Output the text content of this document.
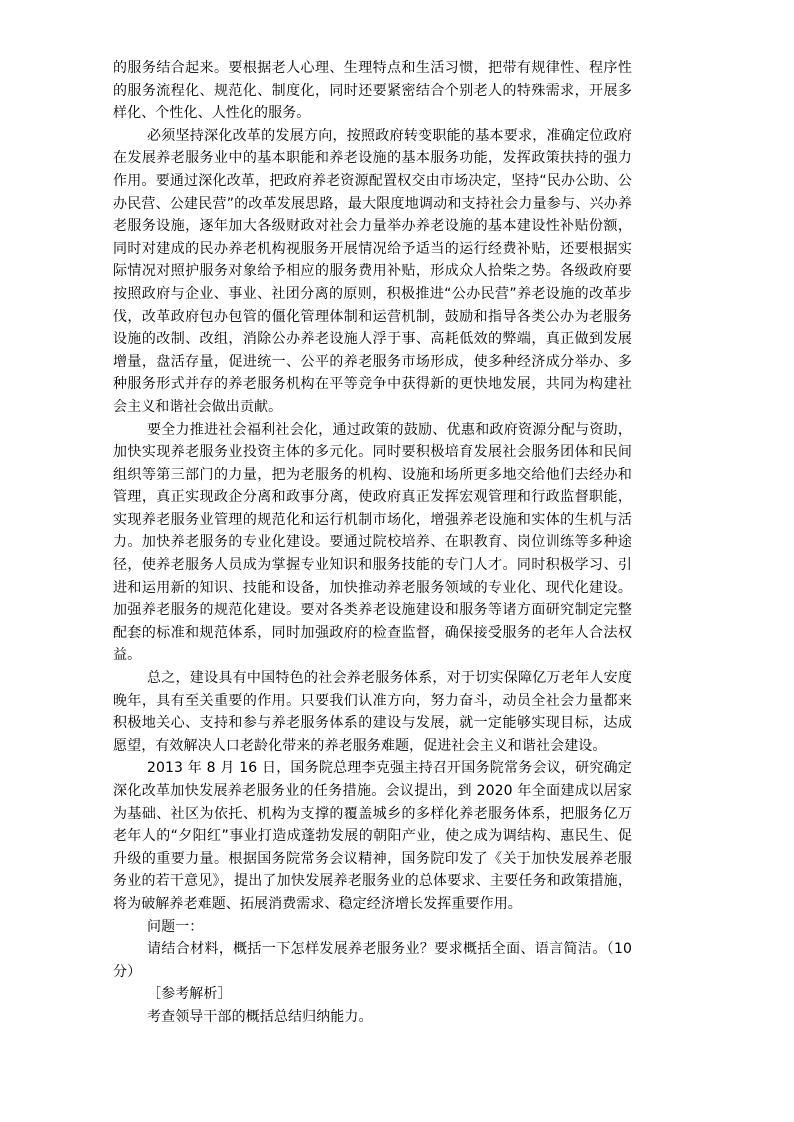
的服务结合起来。要根据老人心理、生理特点和生活习惯，把带有规律性、程序性的服务流程化、规范化、制度化，同时还要紧密结合个别老人的特殊需求，开展多样化、个性化、人性化的服务。

必须坚持深化改革的发展方向，按照政府转变职能的基本要求，准确定位政府在发展养老服务业中的基本职能和养老设施的基本服务功能，发挥政策扶持的强力作用。要通过深化改革，把政府养老资源配置权交由市场决定，坚持“民办公助、公办民营、公建民营”的改革发展思路，最大限度地调动和支持社会力量参与、兴办养老服务设施，逐年加大各级财政对社会力量举办养老设施的基本建设性补贴份额，同时对建成的民办养老机构视服务开展情况给予适当的运行经费补贴，还要根据实际情况对照护服务对象给予相应的服务费用补贴，形成众人拾柴之势。各级政府要按照政府与企业、事业、社团分离的原则，积极推进“公办民营”养老设施的改革步伐，改革政府包办包管的僵化管理体制和运营机制，鼓励和指导各类公办为老服务设施的改制、改组，消除公办养老设施人浮于事、高耗低效的弊端，真正做到发展增量，盘活存量，促进统一、公平的养老服务市场形成，使多种经济成分举办、多种服务形式并存的养老服务机构在平等竞争中获得新的更快地发展，共同为构建社会主义和谐社会做出贡献。

要全力推进社会福利社会化，通过政策的鼓励、优惠和政府资源分配与资助，加快实现养老服务业投资主体的多元化。同时要积极培育发展社会服务团体和民间组织等第三部门的力量，把为老服务的机构、设施和场所更多地交给他们去经办和管理，真正实现政企分离和政事分离，使政府真正发挥宏观管理和行政监督职能，实现养老服务业管理的规范化和运行机制市场化，增强养老设施和实体的生机与活力。加快养老服务的专业化建设。要通过院校培养、在职教育、岗位训练等多种途径，使养老服务人员成为掌握专业知识和服务技能的专门人才。同时积极学习、引进和运用新的知识、技能和设备，加快推动养老服务领域的专业化、现代化建设。加强养老服务的规范化建设。要对各类养老设施建设和服务等诸方面研究制定完整配套的标准和规范体系，同时加强政府的检查监督，确保接受服务的老年人合法权益。

总之，建设具有中国特色的社会养老服务体系，对于切实保障亿万老年人安度晚年，具有至关重要的作用。只要我们认准方向，努力奋斗，动员全社会力量都来积极地关心、支持和参与养老服务体系的建设与发展，就一定能够实现目标，达成愿望，有效解决人口老龄化带来的养老服务难题，促进社会主义和谐社会建设。

2013 年 8 月 16 日，国务院总理李克强主持召开国务院常务会议，研究确定深化改革加快发展养老服务业的任务措施。会议提出，到 2020 年全面建成以居家为基础、社区为依托、机构为支撑的覆盖城乡的多样化养老服务体系，把服务亿万老年人的“夕阳红”事业打造成蓬勃发展的朝阳产业，使之成为调结构、惠民生、促升级的重要力量。根据国务院常务会议精神，国务院印发了《关于加快发展养老服务业的若干意见》，提出了加快发展养老服务业的总体要求、主要任务和政策措施，将为破解养老难题、拓展消费需求、稳定经济增长发挥重要作用。

问题一：

请结合材料，概括一下怎样发展养老服务业？要求概括全面、语言简洁。（10分）

［参考解析］

考查领导干部的概括总结归纳能力。
